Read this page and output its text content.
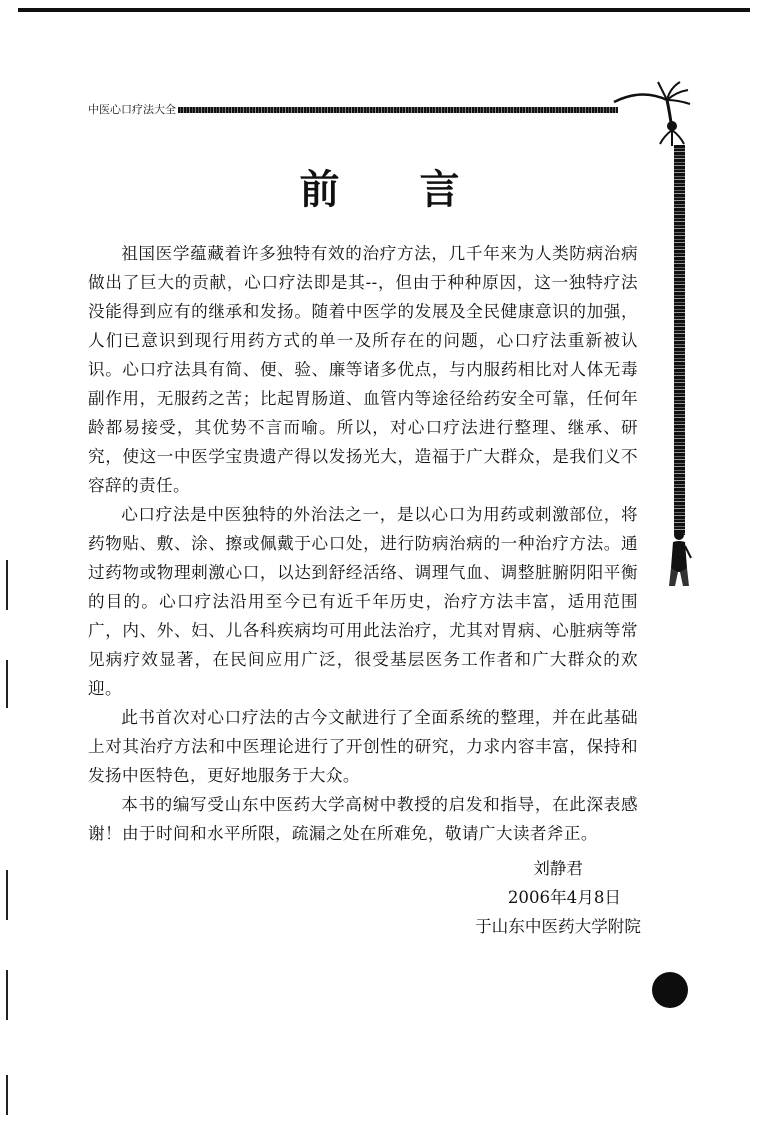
中医心口疗法大全
前言

祖国医学蕴藏着许多独特有效的治疗方法，几千年来为人类防病治病做出了巨大的贡献，心口疗法即是其--，但由于种种原因，这一独特疗法没能得到应有的继承和发扬。随着中医学的发展及全民健康意识的加强，人们已意识到现行用药方式的单一及所存在的问题，心口疗法重新被认识。心口疗法具有简、便、验、廉等诸多优点，与内服药相比对人体无毒副作用，无服药之苦；比起胃肠道、血管内等途径给药安全可靠，任何年龄都易接受，其优势不言而喻。所以，对心口疗法进行整理、继承、研究，使这一中医学宝贵遗产得以发扬光大，造福于广大群众，是我们义不容辞的责任。

心口疗法是中医独特的外治法之一，是以心口为用药或刺激部位，将药物贴、敷、涂、擦或佩戴于心口处，进行防病治病的一种治疗方法。通过药物或物理刺激心口，以达到舒经活络、调理气血、调整脏腑阴阳平衡的目的。心口疗法沿用至今已有近千年历史，治疗方法丰富，适用范围广，内、外、妇、儿各科疾病均可用此法治疗，尤其对胃病、心脏病等常见病疗效显著，在民间应用广泛，很受基层医务工作者和广大群众的欢迎。

此书首次对心口疗法的古今文献进行了全面系统的整理，并在此基础上对其治疗方法和中医理论进行了开创性的研究，力求内容丰富，保持和发扬中医特色，更好地服务于大众。

本书的编写受山东中医药大学高树中教授的启发和指导，在此深表感谢！由于时间和水平所限，疏漏之处在所难免，敬请广大读者斧正。

刘静君
2006年4月8日
于山东中医药大学附院
